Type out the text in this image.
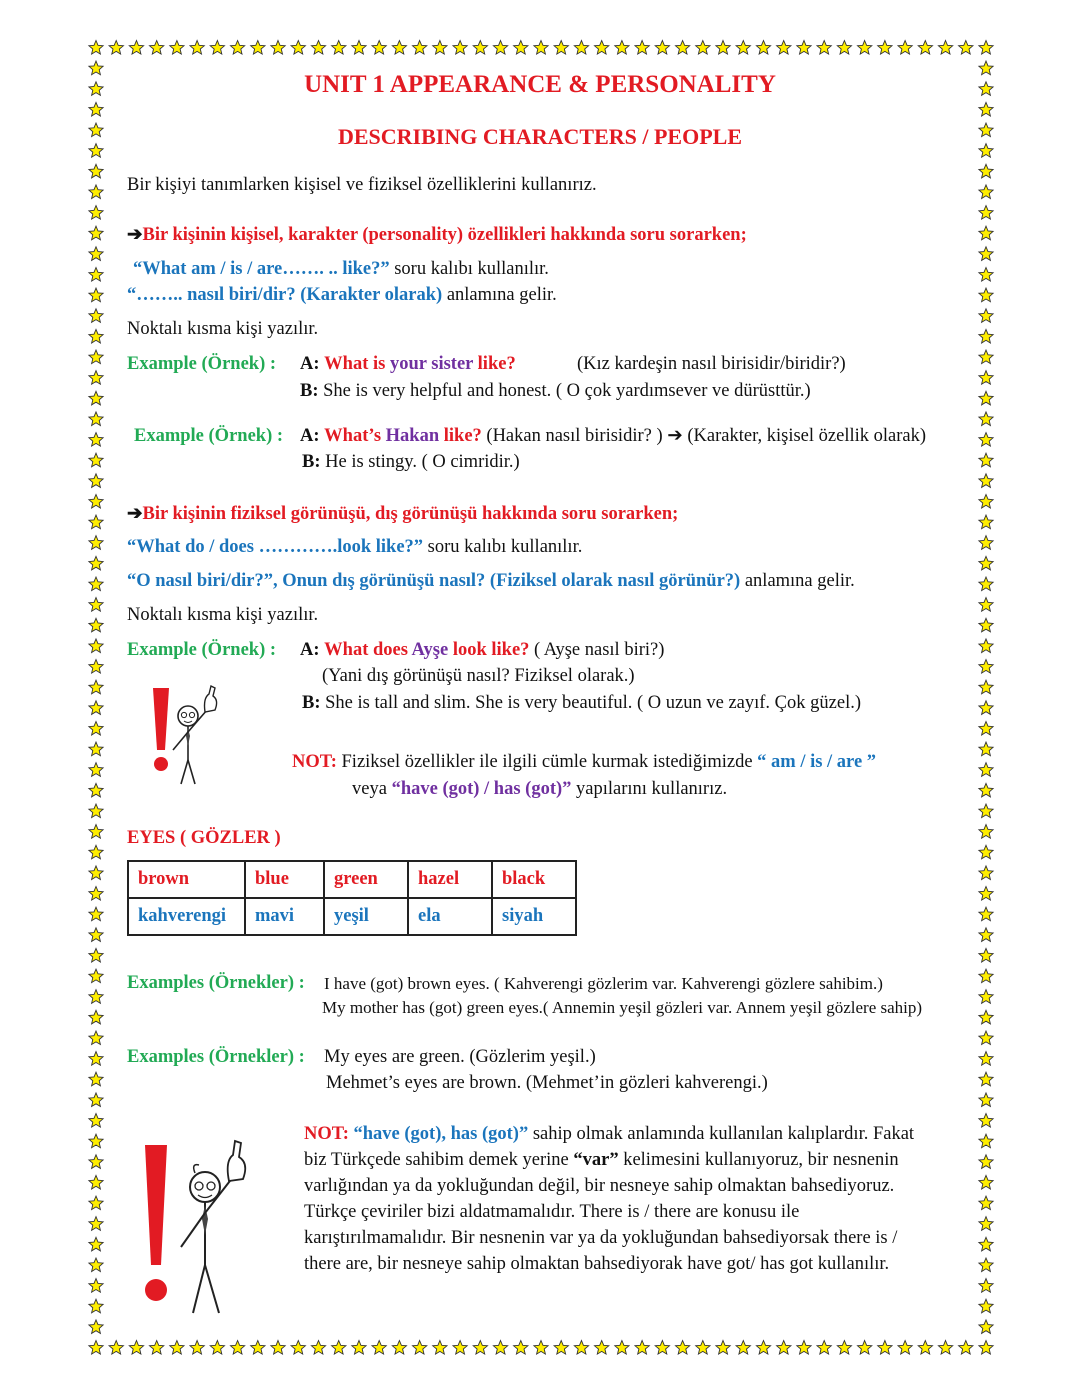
UNIT 1 APPEARANCE & PERSONALITY
DESCRIBING CHARACTERS / PEOPLE
Bir kişiyi tanımlarken kişisel ve fiziksel özelliklerini kullanırız.
➔Bir kişinin kişisel, karakter (personality) özellikleri hakkında soru sorarken;
“What am / is / are……. .. like?” soru kalıbı kullanılır.
“…….. nasıl biri/dir? (Karakter olarak) anlamına gelir.
Noktalı kısma kişi yazılır.
Example (Örnek) : A: What is your sister like?	(Kız kardeşin nasıl birisidir/biridir?)
B: She is very helpful and honest. ( O çok yardımsever ve dürüsttür.)
Example (Örnek) : A: What’s Hakan like? (Hakan nasıl birisidir? ) ➔ (Karakter, kişisel özellik olarak)
B: He is stingy. ( O cimridir.)
➔Bir kişinin fiziksel görünüşü, dış görünüşü hakkında soru sorarken;
“What do / does ………….look like?” soru kalıbı kullanılır.
“O nasıl biri/dir?”, Onun dış görünüşü nasıl? (Fiziksel olarak nasıl görünür?) anlamına gelir.
Noktalı kısma kişi yazılır.
Example (Örnek) : A: What does Ayşe look like? ( Ayşe nasıl biri?)
(Yani dış görünüşü nasıl? Fiziksel olarak.)
B: She is tall and slim. She is very beautiful. ( O uzun ve zayıf. Çok güzel.)
NOT: Fiziksel özellikler ile ilgili cümle kurmak istediğimizde “ am / is / are ”
veya “have (got) / has (got)” yapılarını kullanırız.
EYES ( GÖZLER )
brown	blue	green	hazel	black
kahverengi	mavi	yeşil	ela	siyah
Examples (Örnekler) : I have (got) brown eyes. ( Kahverengi gözlerim var. Kahverengi gözlere sahibim.)
My mother has (got) green eyes.( Annemin yeşil gözleri var. Annem yeşil gözlere sahip)
Examples (Örnekler) : My eyes are green. (Gözlerim yeşil.)
Mehmet’s eyes are brown. (Mehmet’in gözleri kahverengi.)
NOT: “have (got), has (got)” sahip olmak anlamında kullanılan kalıplardır. Fakat biz Türkçede sahibim demek yerine “var” kelimesini kullanıyoruz, bir nesnenin varlığından ya da yokluğundan değil, bir nesneye sahip olmaktan bahsediyoruz. Türkçe çeviriler bizi aldatmamalıdır. There is / there are konusu ile karıştırılmamalıdır. Bir nesnenin var ya da yokluğundan bahsediyorsak there is / there are, bir nesneye sahip olmaktan bahsediyorak have got/ has got kullanılır.
